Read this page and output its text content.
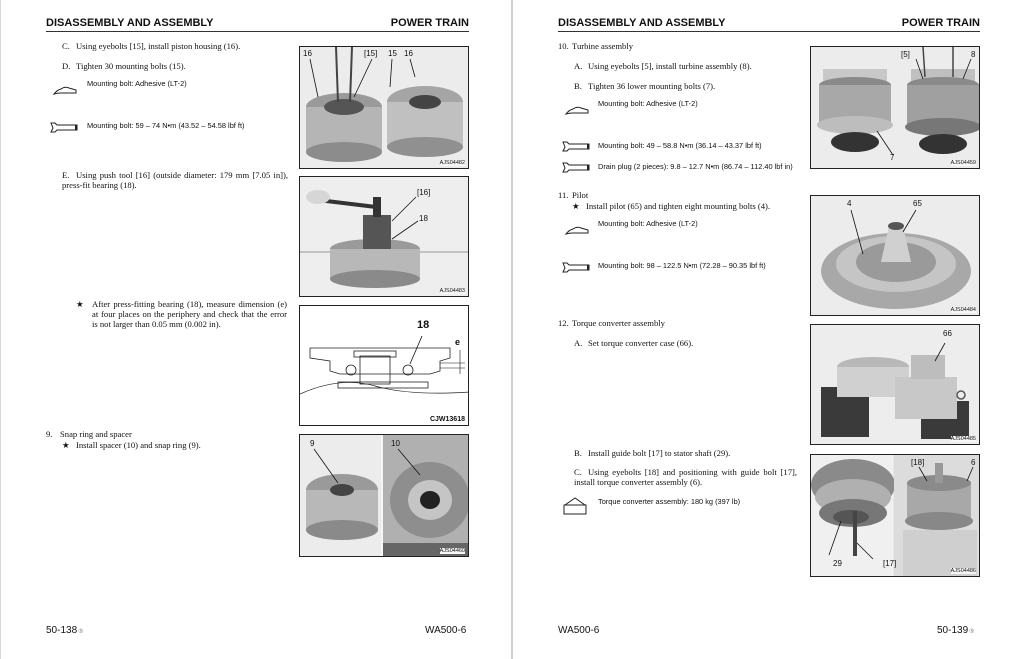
DISASSEMBLY AND ASSEMBLY	POWER TRAIN
C. Using eyebolts [15], install piston housing (16).
D. Tighten 30 mounting bolts (15).
Mounting bolt: Adhesive (LT-2)
Mounting bolt: 59 – 74 N•m (43.52 – 54.58 lbf ft)
E. Using push tool [16] (outside diameter: 179 mm [7.05 in]), press-fit bearing (18).
★ After press-fitting bearing (18), measure dimension (e) at four places on the periphery and check that the error is not larger than 0.05 mm (0.002 in).
9. Snap ring and spacer
★ Install spacer (10) and snap ring (9).
16	[15] 15 16
AJS04482
[16]
18
AJS04483
18
e
CJW13618
9	10
AJS04460
50-138⑤	WA500-6
DISASSEMBLY AND ASSEMBLY	POWER TRAIN
10. Turbine assembly
A. Using eyebolts [5], install turbine assembly (8).
B. Tighten 36 lower mounting bolts (7).
Mounting bolt: Adhesive (LT-2)
Mounting bolt: 49 – 58.8 N•m (36.14 – 43.37 lbf ft)
Drain plug (2 pieces): 9.8 – 12.7 N•m (86.74 – 112.40 lbf in)
11. Pilot
★ Install pilot (65) and tighten eight mounting bolts (4).
Mounting bolt: Adhesive (LT-2)
Mounting bolt: 98 – 122.5 N•m (72.28 – 90.35 lbf ft)
12. Torque converter assembly
A. Set torque converter case (66).
B. Install guide bolt [17] to stator shaft (29).
C. Using eyebolts [18] and positioning with guide bolt [17], install torque converter assembly (6).
Torque converter assembly: 180 kg (397 lb)
[5]	8
7
AJS04459
4	65
AJS04484
66
AJS04485
[18]	6
29	[17]
AJS04486
WA500-6	50-139⑤
